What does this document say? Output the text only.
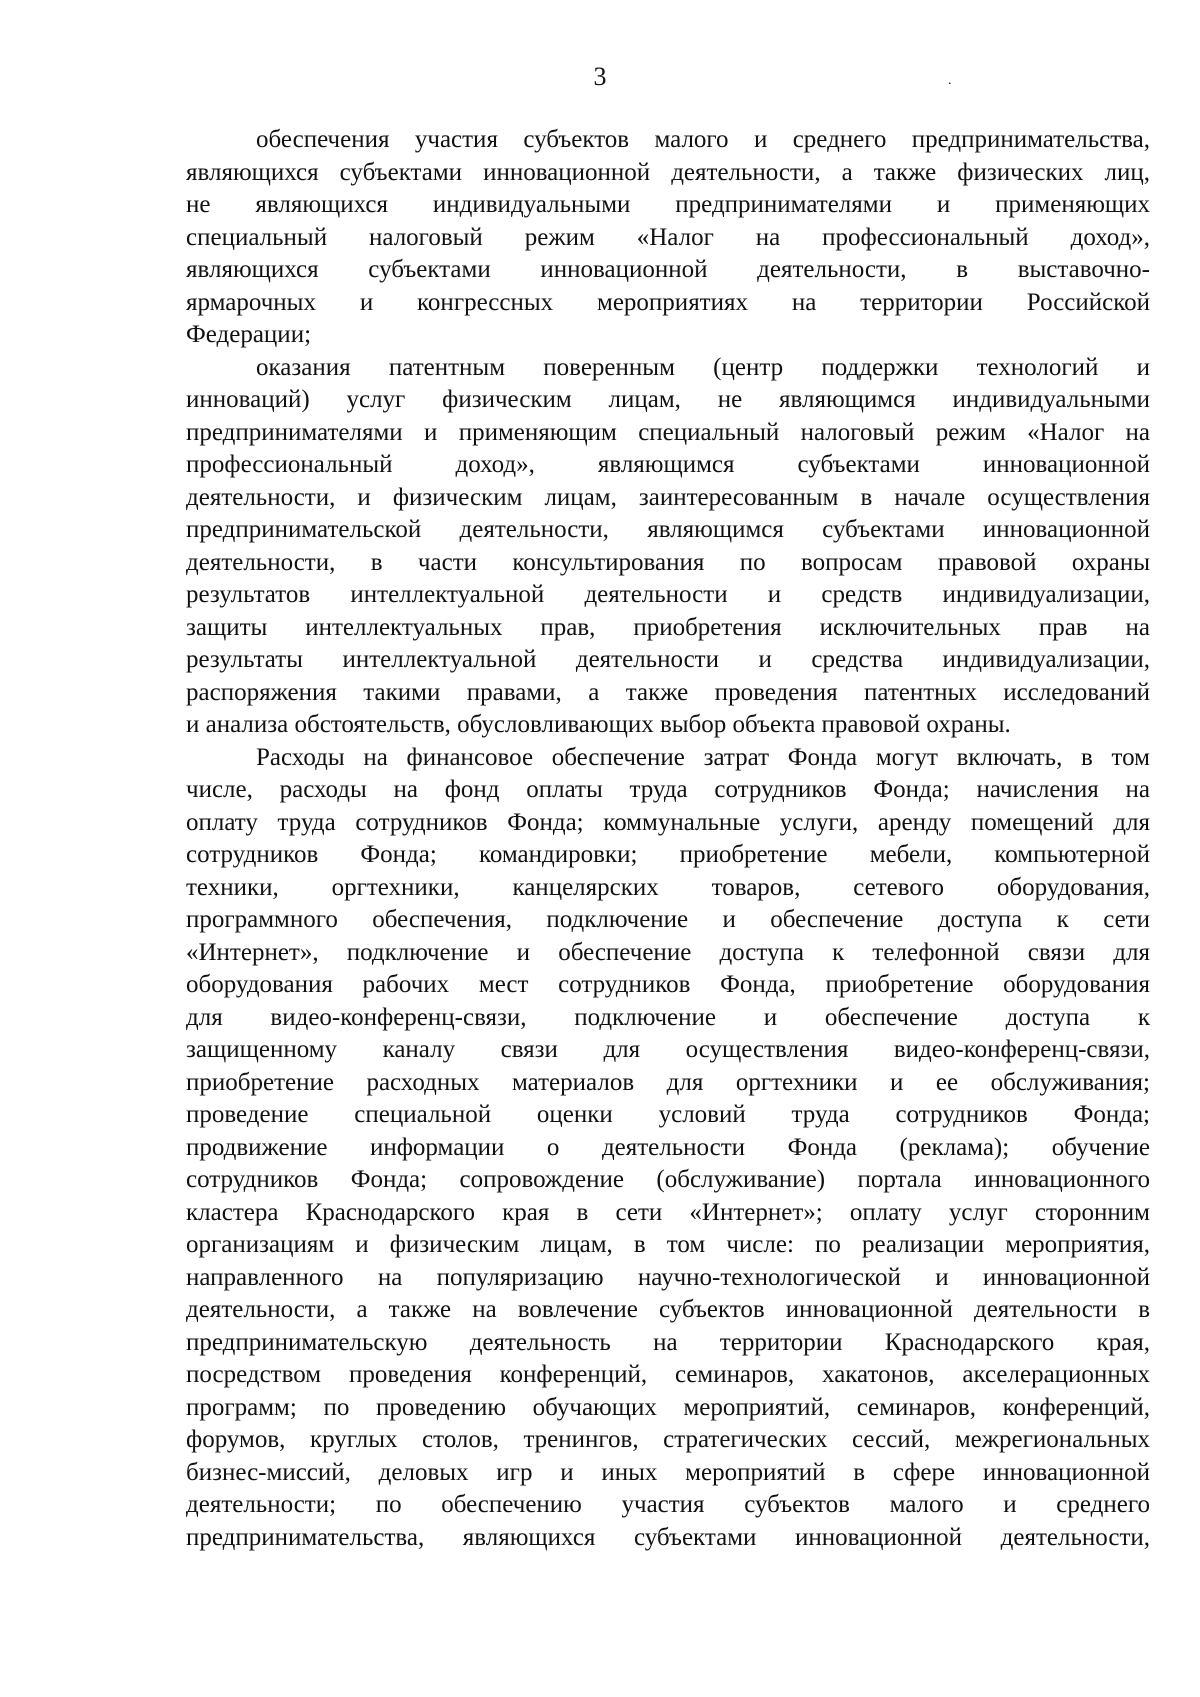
3	.
обеспечения участия субъектов малого и среднего предпринимательства,
являющихся субъектами инновационной деятельности, а также физических лиц,
не являющихся индивидуальными предпринимателями и применяющих
специальный налоговый режим «Налог на профессиональный доход»,
являющихся субъектами инновационной деятельности, в выставочно-
ярмарочных и конгрессных мероприятиях на территории Российской
Федерации;
оказания патентным поверенным (центр поддержки технологий и
инноваций) услуг физическим лицам, не являющимся индивидуальными
предпринимателями и применяющим специальный налоговый режим «Налог на
профессиональный доход», являющимся субъектами инновационной
деятельности, и физическим лицам, заинтересованным в начале осуществления
предпринимательской деятельности, являющимся субъектами инновационной
деятельности, в части консультирования по вопросам правовой охраны
результатов интеллектуальной деятельности и средств индивидуализации,
защиты интеллектуальных прав, приобретения исключительных прав на
результаты интеллектуальной деятельности и средства индивидуализации,
распоряжения такими правами, а также проведения патентных исследований
и анализа обстоятельств, обусловливающих выбор объекта правовой охраны.
Расходы на финансовое обеспечение затрат Фонда могут включать, в том
числе, расходы на фонд оплаты труда сотрудников Фонда; начисления на
оплату труда сотрудников Фонда; коммунальные услуги, аренду помещений для
сотрудников Фонда; командировки; приобретение мебели, компьютерной
техники, оргтехники, канцелярских товаров, сетевого оборудования,
программного обеспечения, подключение и обеспечение доступа к сети
«Интернет», подключение и обеспечение доступа к телефонной связи для
оборудования рабочих мест сотрудников Фонда, приобретение оборудования
для видео-конференц-связи, подключение и обеспечение доступа к
защищенному каналу связи для осуществления видео-конференц-связи,
приобретение расходных материалов для оргтехники и ее обслуживания;
проведение специальной оценки условий труда сотрудников Фонда;
продвижение информации о деятельности Фонда (реклама); обучение
сотрудников Фонда; сопровождение (обслуживание) портала инновационного
кластера Краснодарского края в сети «Интернет»; оплату услуг сторонним
организациям и физическим лицам, в том числе: по реализации мероприятия,
направленного на популяризацию научно-технологической и инновационной
деятельности, а также на вовлечение субъектов инновационной деятельности в
предпринимательскую деятельность на территории Краснодарского края,
посредством проведения конференций, семинаров, хакатонов, акселерационных
программ; по проведению обучающих мероприятий, семинаров, конференций,
форумов, круглых столов, тренингов, стратегических сессий, межрегиональных
бизнес-миссий, деловых игр и иных мероприятий в сфере инновационной
деятельности; по обеспечению участия субъектов малого и среднего
предпринимательства, являющихся субъектами инновационной деятельности,
